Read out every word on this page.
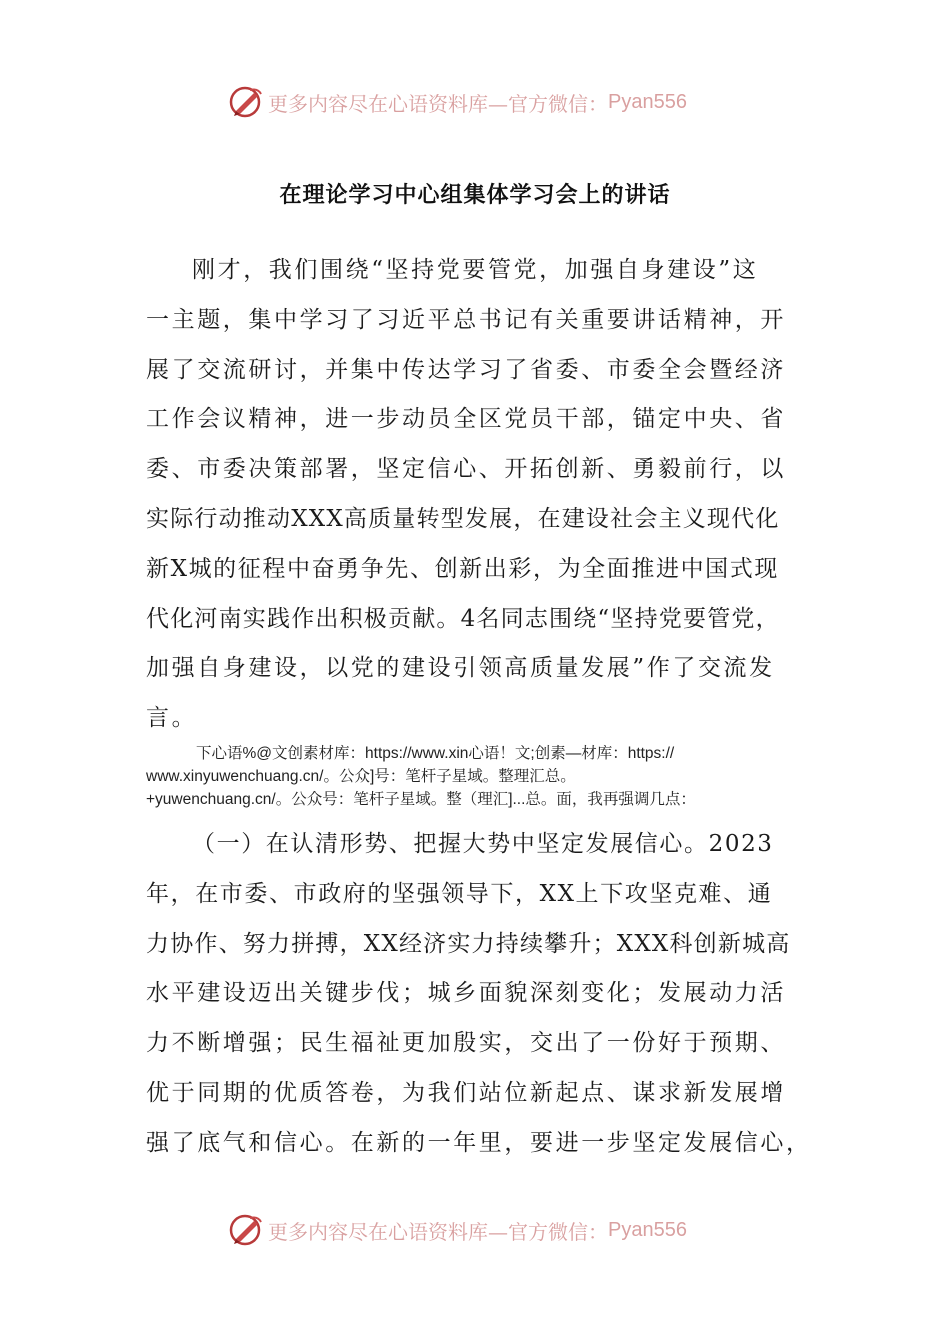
更多内容尽在心语资料库—官方微信： Pyan556
在理论学习中心组集体学习会上的讲话
刚才，我们围绕“坚持党要管党，加强自身建设”这
一主题，集中学习了习近平总书记有关重要讲话精神，开
展了交流研讨，并集中传达学习了省委、市委全会暨经济
工作会议精神，进一步动员全区党员干部，锚定中央、省
委、市委决策部署，坚定信心、开拓创新、勇毅前行，以
实际行动推动XXX高质量转型发展，在建设社会主义现代化
新X城的征程中奋勇争先、创新出彩，为全面推进中国式现
代化河南实践作出积极贡献。4名同志围绕“坚持党要管党，
加强自身建设，以党的建设引领高质量发展”作了交流发
言。
下心语%@文创素材库：https://www.xin心语！文;创素—材库：https://
www.xinyuwenchuang.cn/。公众]号：笔杆子星域。整理汇总。
+yuwenchuang.cn/。公众号：笔杆子星域。整（理汇]...总。面，我再强调几点：
（一）在认清形势、把握大势中坚定发展信心。2023
年，在市委、市政府的坚强领导下，XX上下攻坚克难、通
力协作、努力拼搏，XX经济实力持续攀升；XXX科创新城高
水平建设迈出关键步伐；城乡面貌深刻变化；发展动力活
力不断增强；民生福祉更加殷实，交出了一份好于预期、
优于同期的优质答卷，为我们站位新起点、谋求新发展增
强了底气和信心。在新的一年里，要进一步坚定发展信心，
更多内容尽在心语资料库—官方微信： Pyan556
